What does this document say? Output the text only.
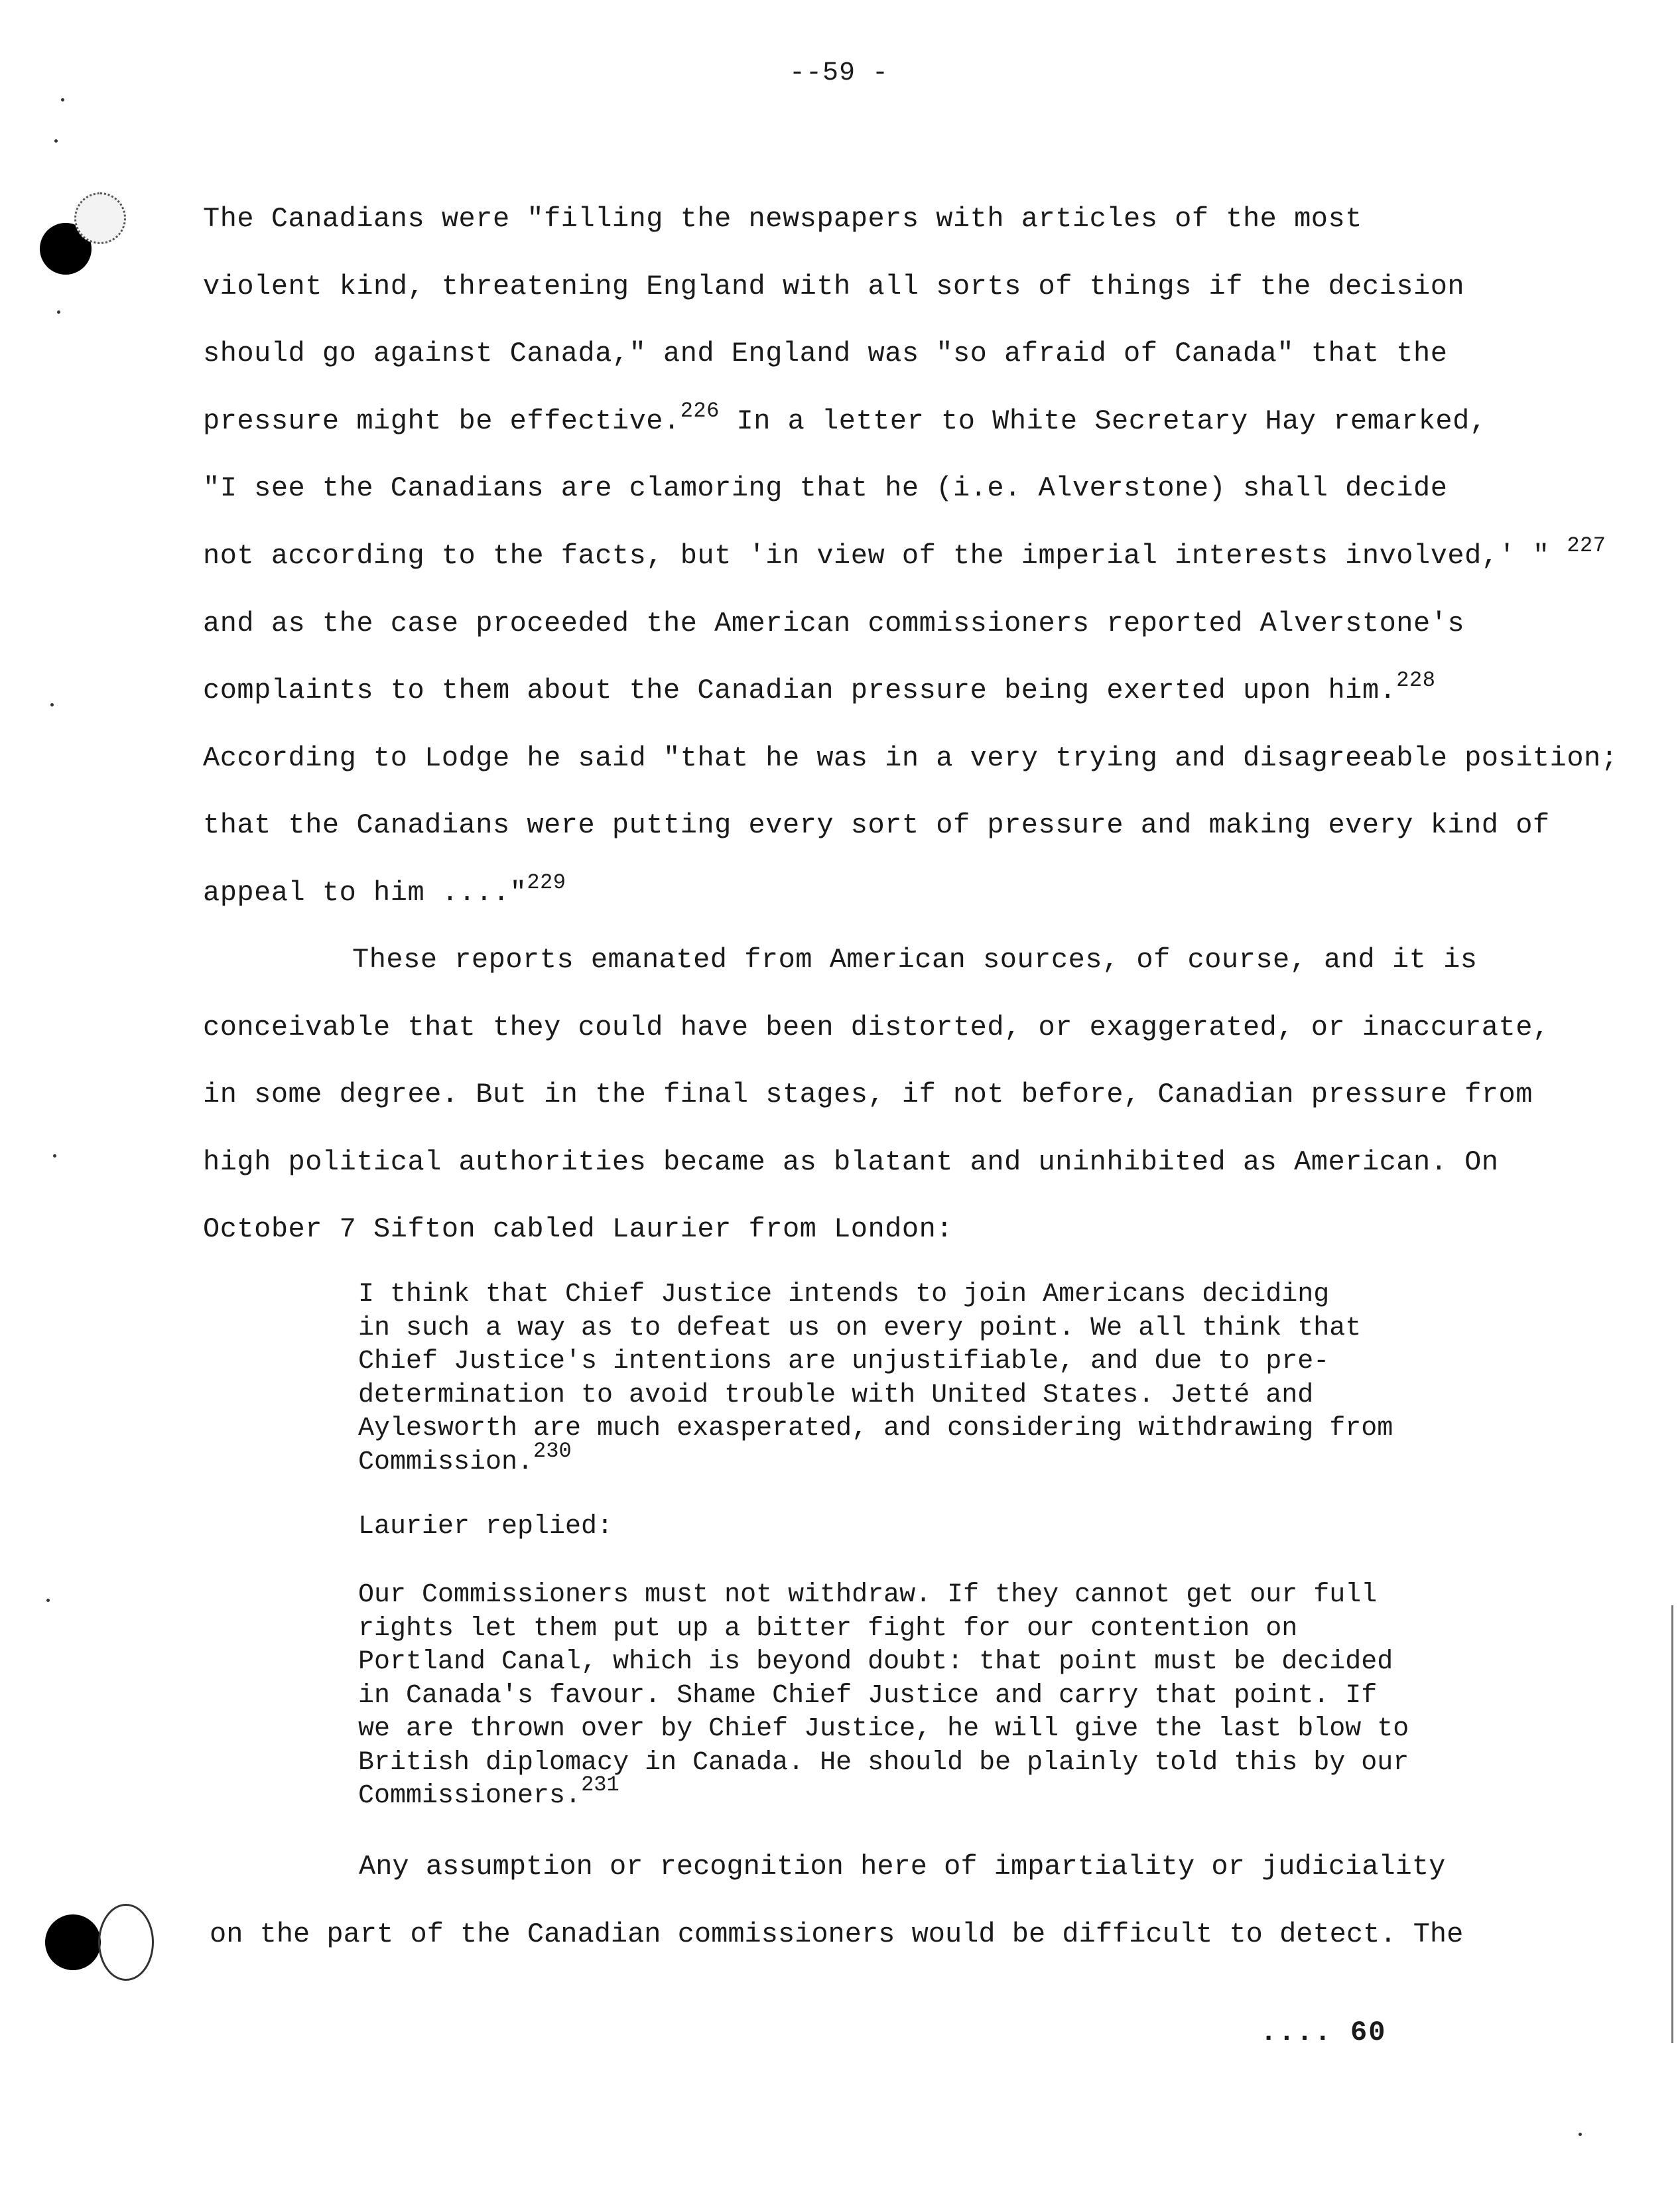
--59 -
The Canadians were "filling the newspapers with articles of the most
violent kind, threatening England with all sorts of things if the decision
should go against Canada," and England was "so afraid of Canada" that the
pressure might be effective.$^{226}$ In a letter to White Secretary Hay remarked,
"I see the Canadians are clamoring that he (i.e. Alverstone) shall decide
not according to the facts, but 'in view of the imperial interests involved,' " $^{227}$
and as the case proceeded the American commissioners reported Alverstone's
complaints to them about the Canadian pressure being exerted upon him.$^{228}$
According to Lodge he said "that he was in a very trying and disagreeable position;
that the Canadians were putting every sort of pressure and making every kind of
appeal to him ...."$^{229}$
These reports emanated from American sources, of course, and it is
conceivable that they could have been distorted, or exaggerated, or inaccurate,
in some degree. But in the final stages, if not before, Canadian pressure from
high political authorities became as blatant and uninhibited as American. On
October 7 Sifton cabled Laurier from London:
I think that Chief Justice intends to join Americans deciding
in such a way as to defeat us on every point. We all think that
Chief Justice's intentions are unjustifiable, and due to pre-
determination to avoid trouble with United States. Jetté and
Aylesworth are much exasperated, and considering withdrawing from
Commission.$^{230}$
Laurier replied:
Our Commissioners must not withdraw. If they cannot get our full
rights let them put up a bitter fight for our contention on
Portland Canal, which is beyond doubt: that point must be decided
in Canada's favour. Shame Chief Justice and carry that point. If
we are thrown over by Chief Justice, he will give the last blow to
British diplomacy in Canada. He should be plainly told this by our
Commissioners.$^{231}$
Any assumption or recognition here of impartiality or judiciality
on the part of the Canadian commissioners would be difficult to detect. The
.... 60
